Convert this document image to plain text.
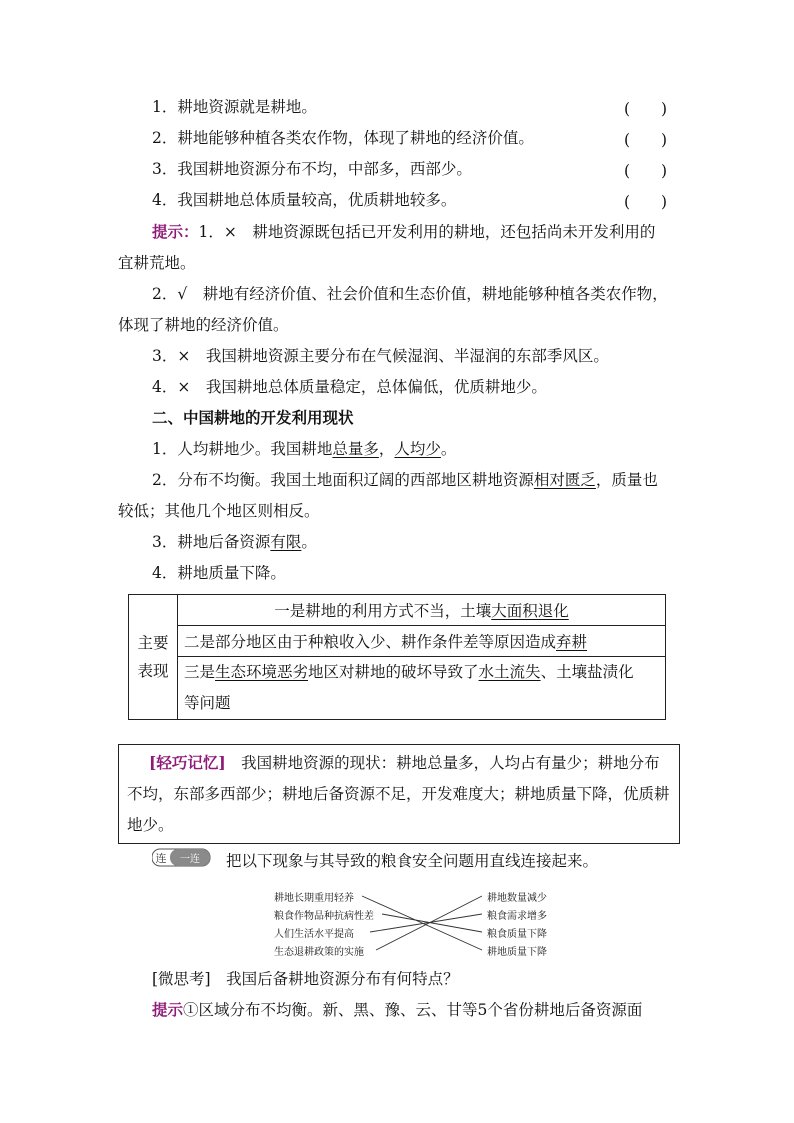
1．耕地资源就是耕地。	(　　)
2．耕地能够种植各类农作物，体现了耕地的经济价值。	(　　)
3．我国耕地资源分布不均，中部多，西部少。	(　　)
4．我国耕地总体质量较高，优质耕地较多。	(　　)
提示：1．×　耕地资源既包括已开发利用的耕地，还包括尚未开发利用的
宜耕荒地。
2．√　耕地有经济价值、社会价值和生态价值，耕地能够种植各类农作物，
体现了耕地的经济价值。
3．×　我国耕地资源主要分布在气候湿润、半湿润的东部季风区。
4．×　我国耕地总体质量稳定，总体偏低，优质耕地少。
二、中国耕地的开发利用现状
1．人均耕地少。我国耕地总量多，人均少。
2．分布不均衡。我国土地面积辽阔的西部地区耕地资源相对匮乏，质量也
较低；其他几个地区则相反。
3．耕地后备资源有限。
4．耕地质量下降。
主要表现	一是耕地的利用方式不当，土壤大面积退化
二是部分地区由于种粮收入少、耕作条件差等原因造成弃耕
三是生态环境恶劣地区对耕地的破坏导致了水土流失、土壤盐渍化
等问题
[轻巧记忆]　我国耕地资源的现状：耕地总量多，人均占有量少；耕地分布不均，东部多西部少；耕地后备资源不足，开发难度大；耕地质量下降，优质耕地少。
连 一连 把以下现象与其导致的粮食安全问题用直线连接起来。
耕地长期重用轻养
粮食作物品种抗病性差
人们生活水平提高
生态退耕政策的实施
耕地数量减少
粮食需求增多
粮食质量下降
耕地质量下降
[微思考]　我国后备耕地资源分布有何特点？
提示①区域分布不均衡。新、黑、豫、云、甘等5个省份耕地后备资源面
